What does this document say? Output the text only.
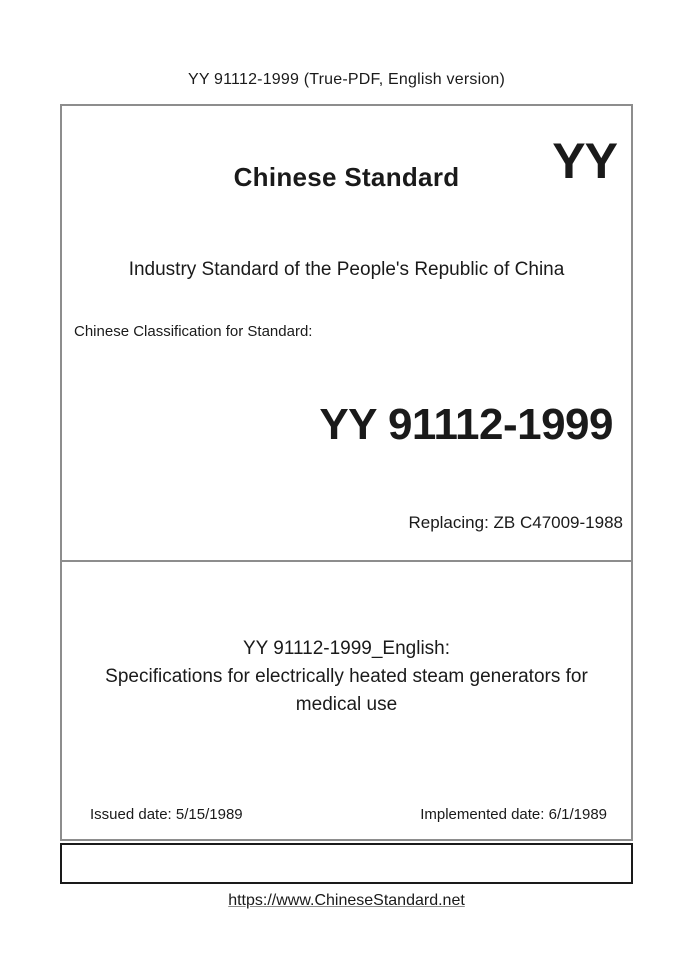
YY 91112-1999 (True-PDF, English version)
Chinese Standard	YY
Industry Standard of the People's Republic of China
Chinese Classification for Standard:
YY 91112-1999
Replacing: ZB C47009-1988
YY 91112-1999_English:
Specifications for electrically heated steam generators for
medical use
Issued date: 5/15/1989	Implemented date: 6/1/1989
https://www.ChineseStandard.net
